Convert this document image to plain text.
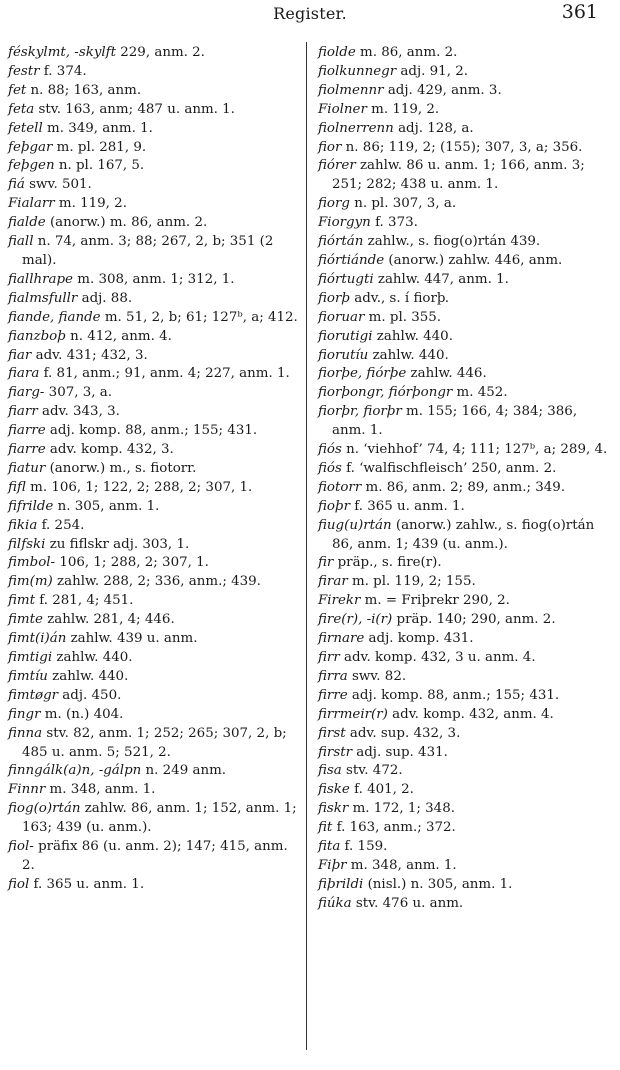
Register.	361

féskylmt, -skylft 229, anm. 2.

festr f. 374.

fet n. 88; 163, anm.

feta stv. 163, anm; 487 u. anm. 1.

fetell m. 349, anm. 1.

feþgar m. pl. 281, 9.

feþgen n. pl. 167, 5.

fiá swv. 501.

Fialarr m. 119, 2.

fialde (anorw.) m. 86, anm. 2.

fiall n. 74, anm. 3; 88; 267, 2, b; 351 (2 mal).

fiallhrape m. 308, anm. 1; 312, 1.

fialmsfullr adj. 88.

fiande, fiande m. 51, 2, b; 61; 127ᵇ, a; 412.

fianzboþ n. 412, anm. 4.

fiar adv. 431; 432, 3.

fiara f. 81, anm.; 91, anm. 4; 227, anm. 1.

fiarg- 307, 3, a.

fiarr adv. 343, 3.

fiarre adj. komp. 88, anm.; 155; 431.

fiarre adv. komp. 432, 3.

fiatur (anorw.) m., s. fiotorr.

fifl m. 106, 1; 122, 2; 288, 2; 307, 1.

fifrilde n. 305, anm. 1.

fikia f. 254.

filfski zu fiflskr adj. 303, 1.

fimbol- 106, 1; 288, 2; 307, 1.

fim(m) zahlw. 288, 2; 336, anm.; 439.

fimt f. 281, 4; 451.

fimte zahlw. 281, 4; 446.

fimt(i)án zahlw. 439 u. anm.

fimtigi zahlw. 440.

fimtíu zahlw. 440.

fimtøgr adj. 450.

fingr m. (n.) 404.

finna stv. 82, anm. 1; 252; 265; 307, 2, b; 485 u. anm. 5; 521, 2.

finngálk(a)n, -gálpn n. 249 anm.

Finnr m. 348, anm. 1.

fiog(o)rtán zahlw. 86, anm. 1; 152, anm. 1; 163; 439 (u. anm.).

fiol- präfix 86 (u. anm. 2); 147; 415, anm. 2.

fiol f. 365 u. anm. 1.

fiolde m. 86, anm. 2.

fiolkunnegr adj. 91, 2.

fiolmennr adj. 429, anm. 3.

Fiolner m. 119, 2.

fiolnerrenn adj. 128, a.

fior n. 86; 119, 2; (155); 307, 3, a; 356.

fiórer zahlw. 86 u. anm. 1; 166, anm. 3; 251; 282; 438 u. anm. 1.

fiorg n. pl. 307, 3, a.

Fiorgyn f. 373.

fiórtán zahlw., s. fiog(o)rtán 439.

fiórtiánde (anorw.) zahlw. 446, anm.

fiórtugti zahlw. 447, anm. 1.

fiorþ adv., s. í fiorþ.

fioruar m. pl. 355.

fiorutigi zahlw. 440.

fiorutíu zahlw. 440.

fiorþe, fiórþe zahlw. 446.

fiorþongr, fiórþongr m. 452.

fiorþr, fiorþr m. 155; 166, 4; 384; 386, anm. 1.

fiós n. ‘viehhof’ 74, 4; 111; 127ᵇ, a; 289, 4.

fiós f. ‘walfischfleisch’ 250, anm. 2.

fiotorr m. 86, anm. 2; 89, anm.; 349.

fioþr f. 365 u. anm. 1.

fiug(u)rtán (anorw.) zahlw., s. fiog(o)rtán 86, anm. 1; 439 (u. anm.).

fir präp., s. fire(r).

firar m. pl. 119, 2; 155.

Firekr m. = Friþrekr 290, 2.

fire(r), -i(r) präp. 140; 290, anm. 2.

firnare adj. komp. 431.

firr adv. komp. 432, 3 u. anm. 4.

firra swv. 82.

firre adj. komp. 88, anm.; 155; 431.

firrmeir(r) adv. komp. 432, anm. 4.

first adv. sup. 432, 3.

firstr adj. sup. 431.

fisa stv. 472.

fiske f. 401, 2.

fiskr m. 172, 1; 348.

fit f. 163, anm.; 372.

fita f. 159.

Fiþr m. 348, anm. 1.

fiþrildi (nisl.) n. 305, anm. 1.

fiúka stv. 476 u. anm.
